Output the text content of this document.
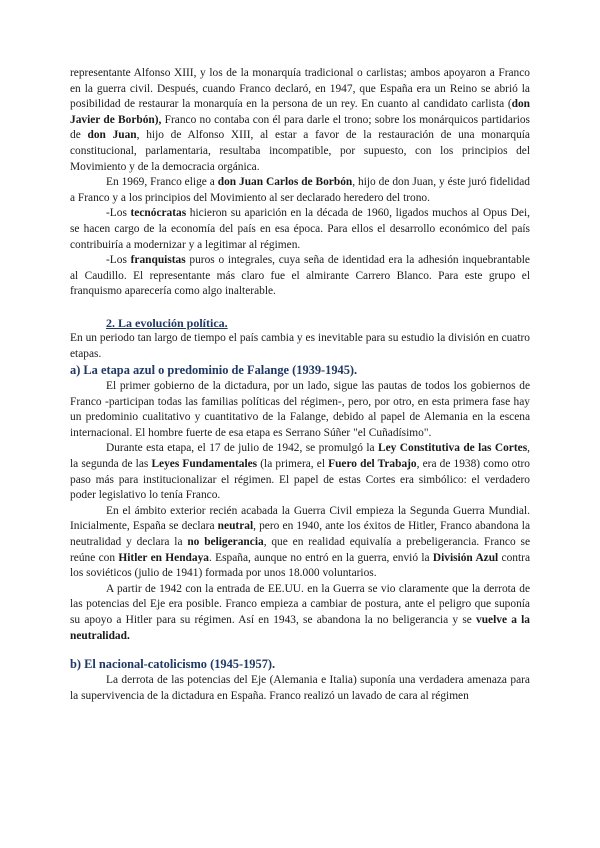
representante Alfonso XIII, y los de la monarquía tradicional o carlistas; ambos apoyaron a Franco en la guerra civil. Después, cuando Franco declaró, en 1947, que España era un Reino se abrió la posibilidad de restaurar la monarquía en la persona de un rey. En cuanto al candidato carlista (don Javier de Borbón), Franco no contaba con él para darle el trono; sobre los monárquicos partidarios de don Juan, hijo de Alfonso XIII, al estar a favor de la restauración de una monarquía constitucional, parlamentaria, resultaba incompatible, por supuesto, con los principios del Movimiento y de la democracia orgánica.

En 1969, Franco elige a don Juan Carlos de Borbón, hijo de don Juan, y éste juró fidelidad a Franco y a los principios del Movimiento al ser declarado heredero del trono.

-Los tecnócratas hicieron su aparición en la década de 1960, ligados muchos al Opus Dei, se hacen cargo de la economía del país en esa época. Para ellos el desarrollo económico del país contribuiría a modernizar y a legitimar al régimen.

-Los franquistas puros o integrales, cuya seña de identidad era la adhesión inquebrantable al Caudillo. El representante más claro fue el almirante Carrero Blanco. Para este grupo el franquismo aparecería como algo inalterable.

2. La evolución política.

En un periodo tan largo de tiempo el país cambia y es inevitable para su estudio la división en cuatro etapas.

a) La etapa azul o predominio de Falange (1939-1945).

El primer gobierno de la dictadura, por un lado, sigue las pautas de todos los gobiernos de Franco -participan todas las familias políticas del régimen-, pero, por otro, en esta primera fase hay un predominio cualitativo y cuantitativo de la Falange, debido al papel de Alemania en la escena internacional. El hombre fuerte de esa etapa es Serrano Súñer "el Cuñadísimo".

Durante esta etapa, el 17 de julio de 1942, se promulgó la Ley Constitutiva de las Cortes, la segunda de las Leyes Fundamentales (la primera, el Fuero del Trabajo, era de 1938) como otro paso más para institucionalizar el régimen. El papel de estas Cortes era simbólico: el verdadero poder legislativo lo tenía Franco.

En el ámbito exterior recién acabada la Guerra Civil empieza la Segunda Guerra Mundial. Inicialmente, España se declara neutral, pero en 1940, ante los éxitos de Hitler, Franco abandona la neutralidad y declara la no beligerancia, que en realidad equivalía a prebeligerancia. Franco se reúne con Hitler en Hendaya. España, aunque no entró en la guerra, envió la División Azul contra los soviéticos (julio de 1941) formada por unos 18.000 voluntarios.

A partir de 1942 con la entrada de EE.UU. en la Guerra se vio claramente que la derrota de las potencias del Eje era posible. Franco empieza a cambiar de postura, ante el peligro que suponía su apoyo a Hitler para su régimen. Así en 1943, se abandona la no beligerancia y se vuelve a la neutralidad.

b) El nacional-catolicismo (1945-1957).

La derrota de las potencias del Eje (Alemania e Italia) suponía una verdadera amenaza para la supervivencia de la dictadura en España. Franco realizó un lavado de cara al régimen
